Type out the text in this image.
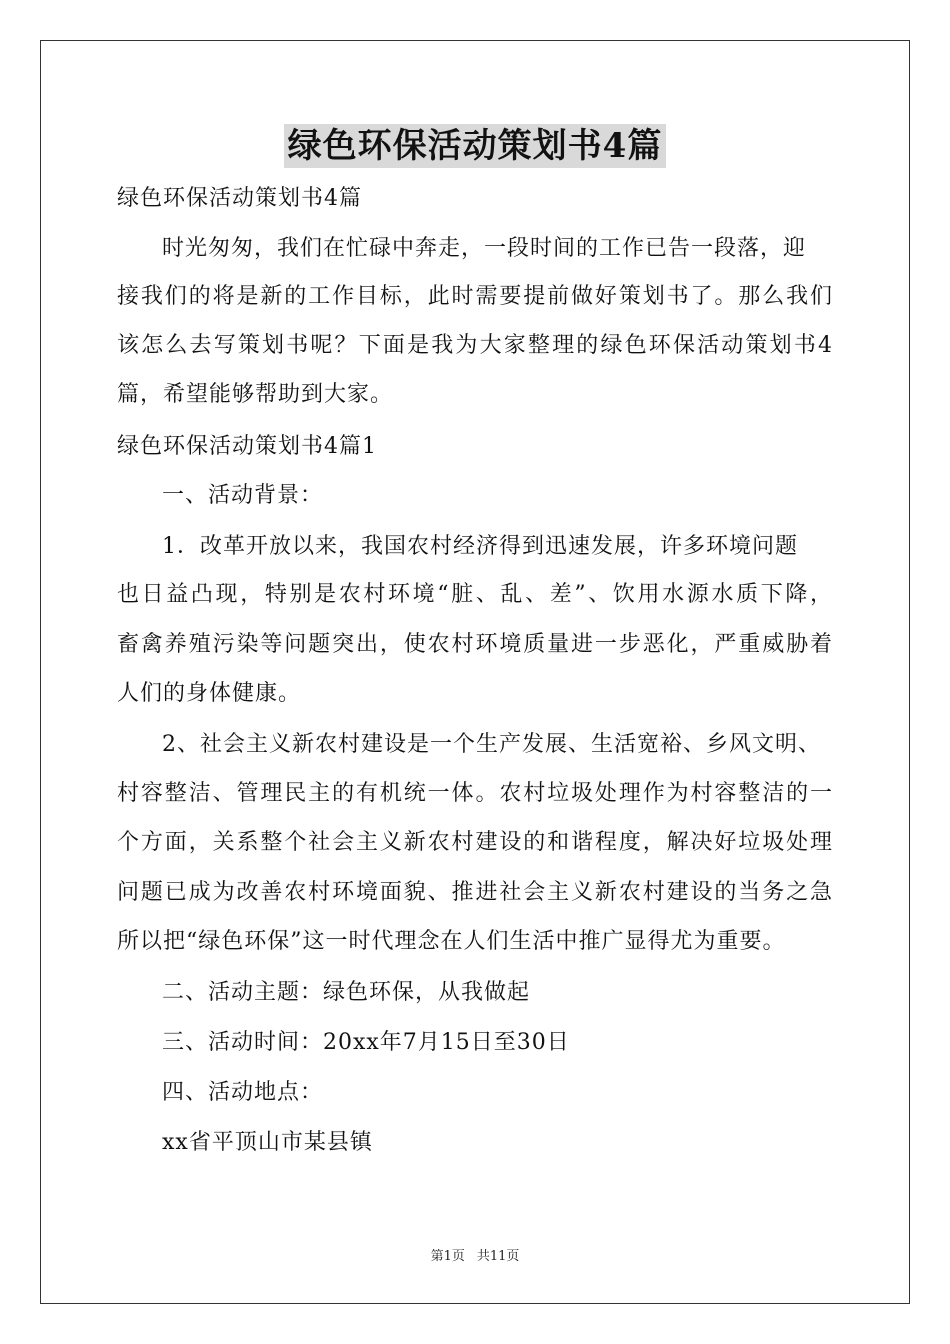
绿色环保活动策划书4篇
绿色环保活动策划书4篇
时光匆匆，我们在忙碌中奔走，一段时间的工作已告一段落，迎
接我们的将是新的工作目标，此时需要提前做好策划书了。那么我们
该怎么去写策划书呢？下面是我为大家整理的绿色环保活动策划书4
篇，希望能够帮助到大家。
绿色环保活动策划书4篇1
一、活动背景：
1．改革开放以来，我国农村经济得到迅速发展，许多环境问题
也日益凸现，特别是农村环境“脏、乱、差”、饮用水源水质下降，
畜禽养殖污染等问题突出，使农村环境质量进一步恶化，严重威胁着
人们的身体健康。
2、社会主义新农村建设是一个生产发展、生活宽裕、乡风文明、
村容整洁、管理民主的有机统一体。农村垃圾处理作为村容整洁的一
个方面，关系整个社会主义新农村建设的和谐程度，解决好垃圾处理
问题已成为改善农村环境面貌、推进社会主义新农村建设的当务之急
所以把“绿色环保”这一时代理念在人们生活中推广显得尤为重要。
二、活动主题：绿色环保，从我做起
三、活动时间：20xx年7月15日至30日
四、活动地点：
xx省平顶山市某县镇
第1页 共11页
